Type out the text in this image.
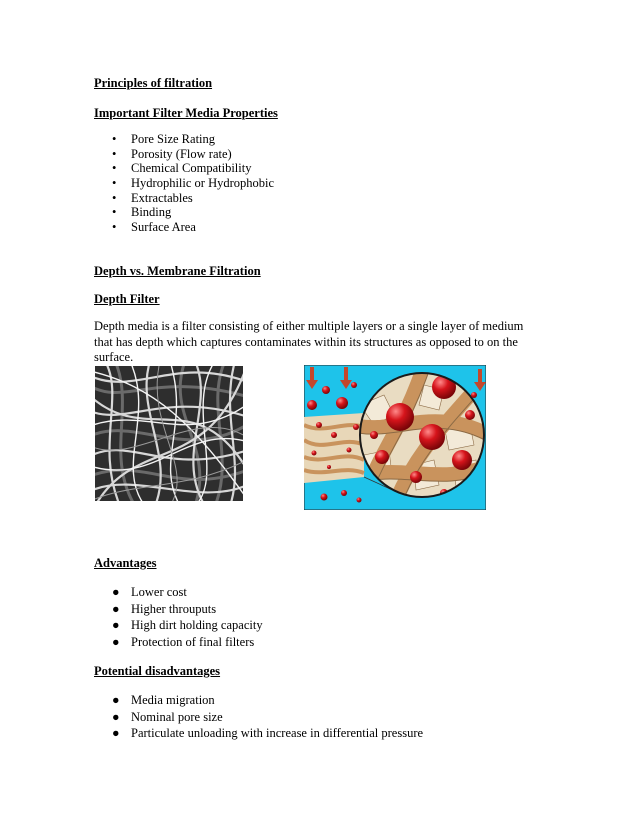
Principles of filtration
Important Filter Media Properties
• Pore Size Rating
• Porosity (Flow rate)
• Chemical Compatibility
• Hydrophilic or Hydrophobic
• Extractables
• Binding
• Surface Area
Depth vs. Membrane Filtration
Depth Filter

Depth media is a filter consisting of either multiple layers or a single layer of medium that has depth which captures contaminates within its structures as opposed to on the surface.

Advantages
● Lower cost
● Higher throuputs
● High dirt holding capacity
● Protection of final filters
Potential disadvantages
● Media migration
● Nominal pore size
● Particulate unloading with increase in differential pressure
